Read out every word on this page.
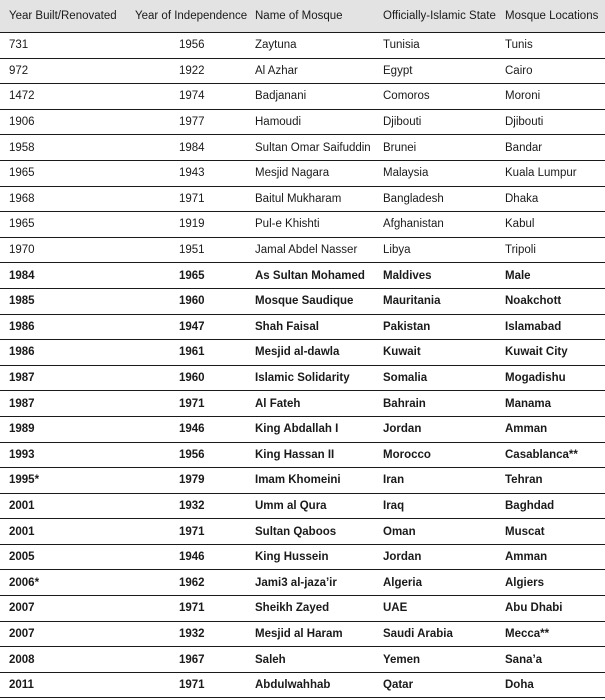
Year Built/Renovated	Year of Independence	Name of Mosque	Officially-Islamic State	Mosque Locations
731	1956	Zaytuna	Tunisia	Tunis
972	1922	Al Azhar	Egypt	Cairo
1472	1974	Badjanani	Comoros	Moroni
1906	1977	Hamoudi	Djibouti	Djibouti
1958	1984	Sultan Omar Saifuddin	Brunei	Bandar
1965	1943	Mesjid Nagara	Malaysia	Kuala Lumpur
1968	1971	Baitul Mukharam	Bangladesh	Dhaka
1965	1919	Pul-e Khishti	Afghanistan	Kabul
1970	1951	Jamal Abdel Nasser	Libya	Tripoli
1984	1965	As Sultan Mohamed	Maldives	Male
1985	1960	Mosque Saudique	Mauritania	Noakchott
1986	1947	Shah Faisal	Pakistan	Islamabad
1986	1961	Mesjid al-dawla	Kuwait	Kuwait City
1987	1960	Islamic Solidarity	Somalia	Mogadishu
1987	1971	Al Fateh	Bahrain	Manama
1989	1946	King Abdallah I	Jordan	Amman
1993	1956	King Hassan II	Morocco	Casablanca**
1995*	1979	Imam Khomeini	Iran	Tehran
2001	1932	Umm al Qura	Iraq	Baghdad
2001	1971	Sultan Qaboos	Oman	Muscat
2005	1946	King Hussein	Jordan	Amman
2006*	1962	Jami3 al-jaza’ir	Algeria	Algiers
2007	1971	Sheikh Zayed	UAE	Abu Dhabi
2007	1932	Mesjid al Haram	Saudi Arabia	Mecca**
2008	1967	Saleh	Yemen	Sana’a
2011	1971	Abdulwahhab	Qatar	Doha
